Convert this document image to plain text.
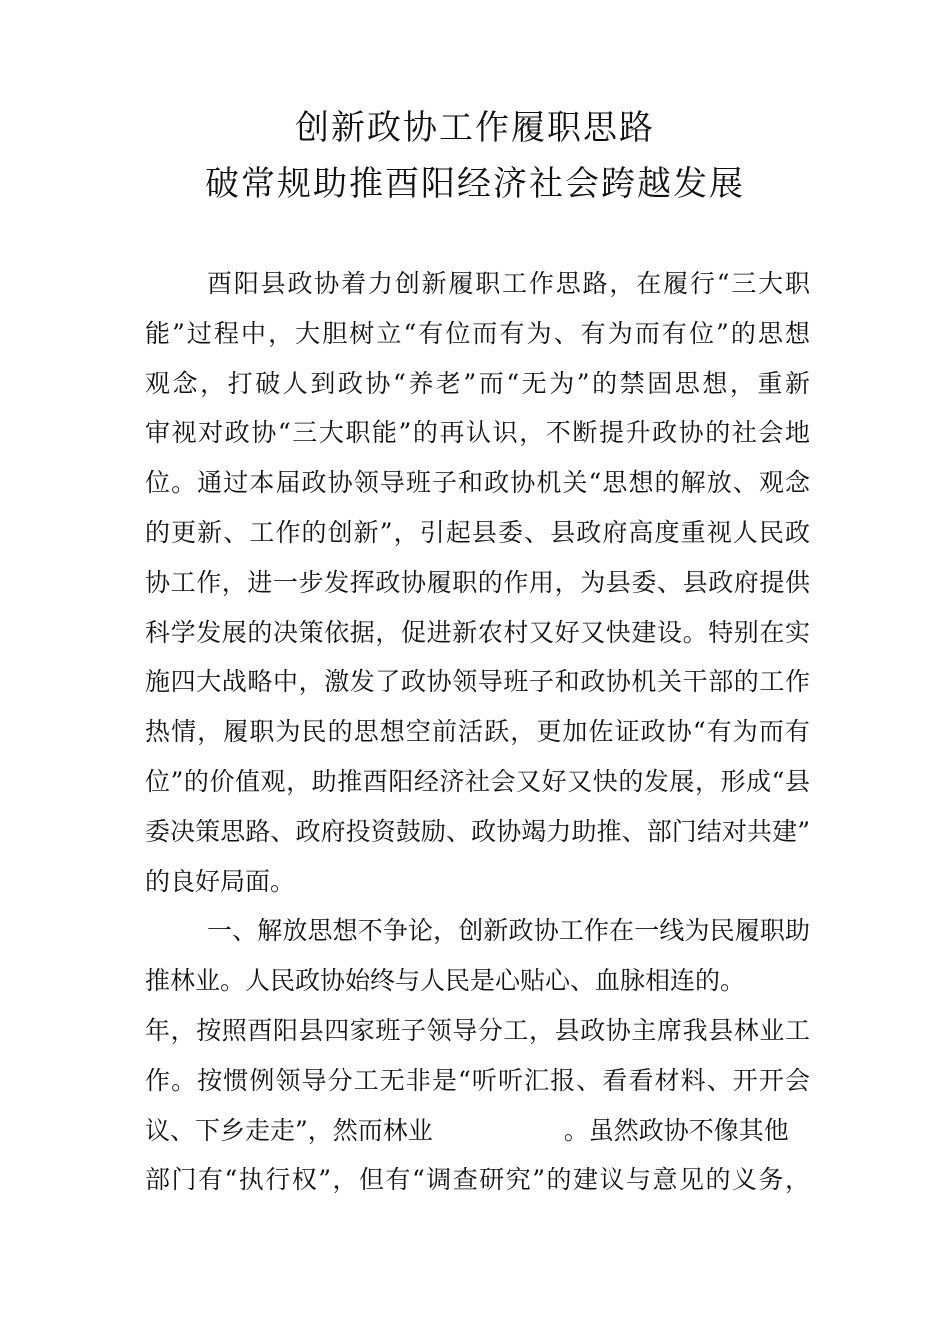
创新政协工作履职思路
破常规助推酉阳经济社会跨越发展
酉阳县政协着力创新履职工作思路，在履行“三大职
能”过程中，大胆树立“有位而有为、有为而有位”的思想
观念，打破人到政协“养老”而“无为”的禁固思想，重新
审视对政协“三大职能”的再认识，不断提升政协的社会地
位。通过本届政协领导班子和政协机关“思想的解放、观念
的更新、工作的创新”，引起县委、县政府高度重视人民政
协工作，进一步发挥政协履职的作用，为县委、县政府提供
科学发展的决策依据，促进新农村又好又快建设。特别在实
施四大战略中，激发了政协领导班子和政协机关干部的工作
热情，履职为民的思想空前活跃，更加佐证政协“有为而有
位”的价值观，助推酉阳经济社会又好又快的发展，形成“县
委决策思路、政府投资鼓励、政协竭力助推、部门结对共建”
的良好局面。
一、解放思想不争论，创新政协工作在一线为民履职助
推林业。人民政协始终与人民是心贴心、血脉相连的。
年，按照酉阳县四家班子领导分工，县政协主席我县林业工
作。按惯例领导分工无非是“听听汇报、看看材料、开开会
议、下乡走走”，然而林业	。虽然政协不像其他
部门有“执行权”，但有“调查研究”的建议与意见的义务，
